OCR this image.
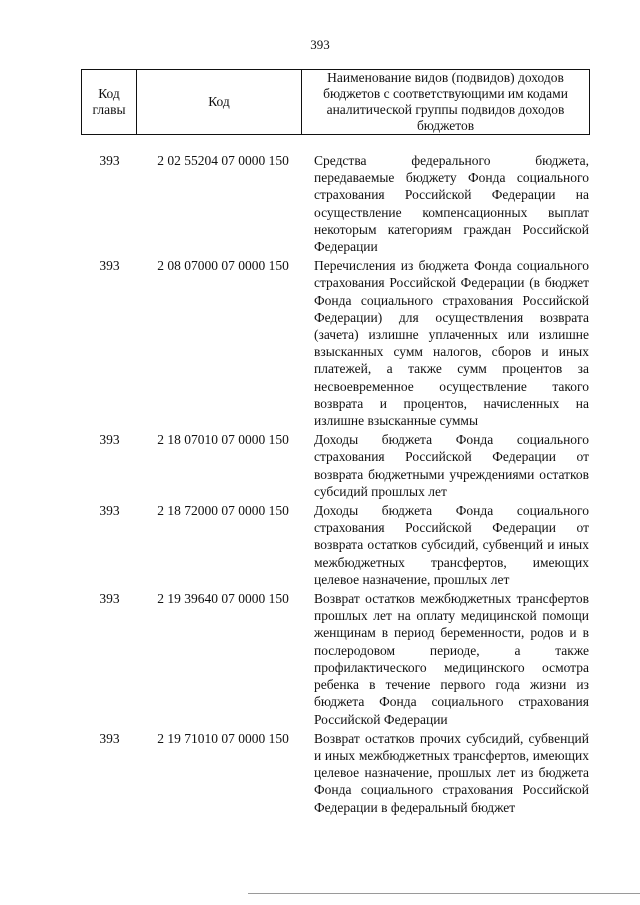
393
Код главы	Код	Наименование видов (подвидов) доходов бюджетов с соответствующими им кодами аналитической группы подвидов доходов бюджетов
393	2 02 55204 07 0000 150	Средства федерального бюджета, передаваемые бюджету Фонда социального страхования Российской Федерации на осуществление компенсационных выплат некоторым категориям граждан Российской Федерации
393	2 08 07000 07 0000 150	Перечисления из бюджета Фонда социального страхования Российской Федерации (в бюджет Фонда социального страхования Российской Федерации) для осуществления возврата (зачета) излишне уплаченных или излишне взысканных сумм налогов, сборов и иных платежей, а также сумм процентов за несвоевременное осуществление такого возврата и процентов, начисленных на излишне взысканные суммы
393	2 18 07010 07 0000 150	Доходы бюджета Фонда социального страхования Российской Федерации от возврата бюджетными учреждениями остатков субсидий прошлых лет
393	2 18 72000 07 0000 150	Доходы бюджета Фонда социального страхования Российской Федерации от возврата остатков субсидий, субвенций и иных межбюджетных трансфертов, имеющих целевое назначение, прошлых лет
393	2 19 39640 07 0000 150	Возврат остатков межбюджетных трансфертов прошлых лет на оплату медицинской помощи женщинам в период беременности, родов и в послеродовом периоде, а также профилактического медицинского осмотра ребенка в течение первого года жизни из бюджета Фонда социального страхования Российской Федерации
393	2 19 71010 07 0000 150	Возврат остатков прочих субсидий, субвенций и иных межбюджетных трансфертов, имеющих целевое назначение, прошлых лет из бюджета Фонда социального страхования Российской Федерации в федеральный бюджет
